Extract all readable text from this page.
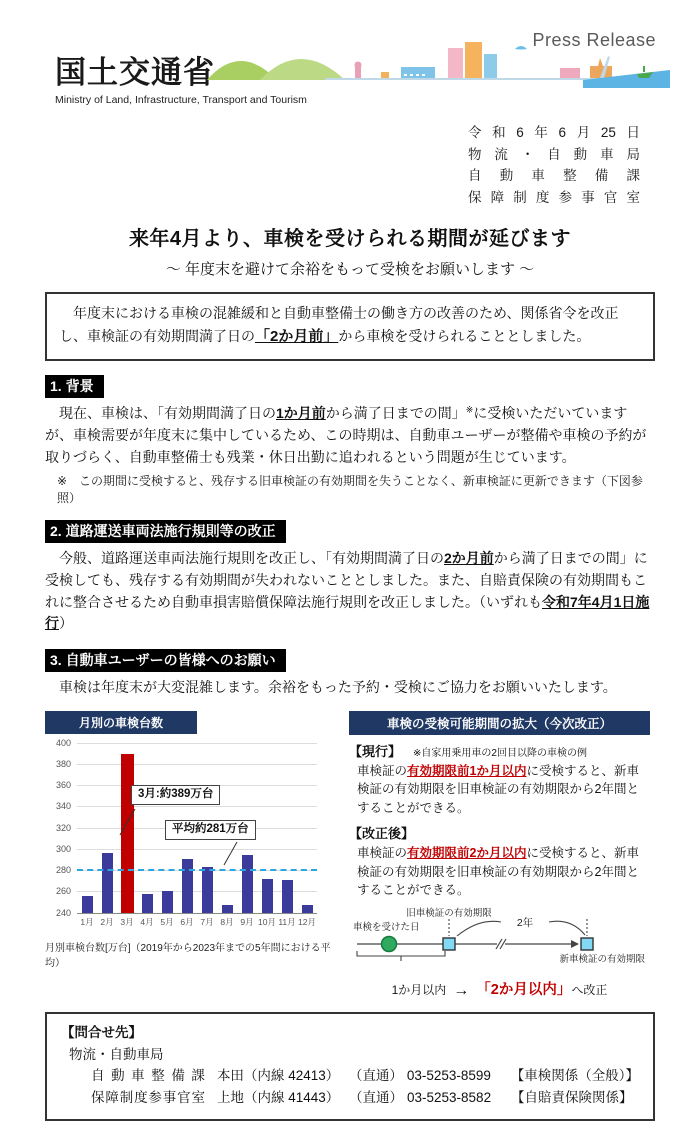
国土交通省
Ministry of Land, Infrastructure, Transport and Tourism
Press Release
令和6年6月25日
物流・自動車局
自動車整備課
保障制度参事官室
来年4月より、車検を受けられる期間が延びます
～ 年度末を避けて余裕をもって受検をお願いします ～
年度末における車検の混雑緩和と自動車整備士の働き方の改善のため、関係省令を改正し、車検証の有効期間満了日の「2か月前」から車検を受けられることとしました。
1. 背景

現在、車検は、「有効期間満了日の1か月前から満了日までの間」※に受検いただいていますが、車検需要が年度末に集中しているため、この時期は、自動車ユーザーが整備や車検の予約が取りづらく、自動車整備士も残業・休日出勤に追われるという問題が生じています。

※　この期間に受検すると、残存する旧車検証の有効期間を失うことなく、新車検証に更新できます（下図参照）
2. 道路運送車両法施行規則等の改正

今般、道路運送車両法施行規則を改正し、「有効期間満了日の2か月前から満了日までの間」に受検しても、残存する有効期間が失われないこととしました。また、自賠責保険の有効期間もこれに整合させるため自動車損害賠償保障法施行規則を改正しました。（いずれも令和7年4月1日施行）

3. 自動車ユーザーの皆様へのお願い

車検は年度末が大変混雑します。余裕をもった予約・受検にご協力をお願いいたします。

月別の車検台数
240
260
280
300
320
340
360
380
400
1月 2月 3月 4月 5月 6月 7月 8月 9月 10月 11月 12月
3月:約389万台
平均約281万台
月別車検台数[万台]（2019年から2023年までの5年間における平均）
車検の受検可能期間の拡大（今次改正）
【現行】 ※自家用乗用車の2回目以降の車検の例
車検証の有効期限前1か月以内に受検すると、新車検証の有効期限を旧車検証の有効期限から2年間とすることができる。
【改正後】
車検証の有効期限前2か月以内に受検すると、新車検証の有効期限を旧車検証の有効期限から2年間とすることができる。
旧車検証の有効期限
車検を受けた日	2年
新車検証の有効期限
1か月以内 → 「2か月以内」へ改正
【問合せ先】
物流・自動車局
自動車整備課 本田（内線 42413） （直通） 03-5253-8599	【車検関係（全般）】
保障制度参事官室 上地（内線 41443） （直通） 03-5253-8582	【自賠責保険関係】
